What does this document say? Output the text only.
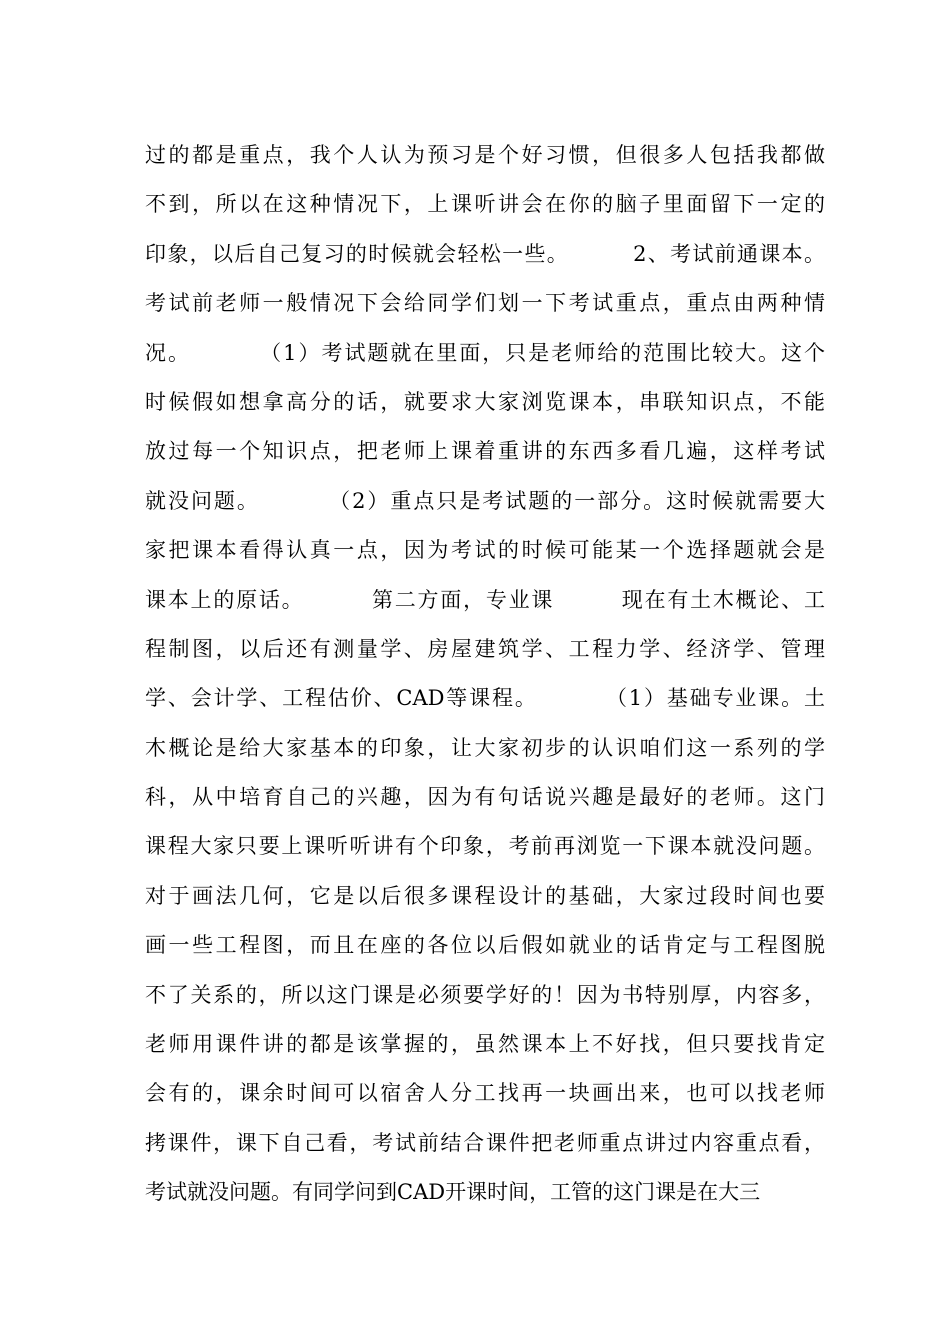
过的都是重点，我个人认为预习是个好习惯，但很多人包括我都做
不到，所以在这种情况下，上课听讲会在你的脑子里面留下一定的
印象，以后自己复习的时候就会轻松一些。        2、考试前通课本。
考试前老师一般情况下会给同学们划一下考试重点，重点由两种情
况。        （1）考试题就在里面，只是老师给的范围比较大。这个
时候假如想拿高分的话，就要求大家浏览课本，串联知识点，不能
放过每一个知识点，把老师上课着重讲的东西多看几遍，这样考试
就没问题。        （2）重点只是考试题的一部分。这时候就需要大
家把课本看得认真一点，因为考试的时候可能某一个选择题就会是
课本上的原话。        第二方面，专业课        现在有土木概论、工
程制图，以后还有测量学、房屋建筑学、工程力学、经济学、管理
学、会计学、工程估价、CAD等课程。        （1）基础专业课。土
木概论是给大家基本的印象，让大家初步的认识咱们这一系列的学
科，从中培育自己的兴趣，因为有句话说兴趣是最好的老师。这门
课程大家只要上课听听讲有个印象，考前再浏览一下课本就没问题。
对于画法几何，它是以后很多课程设计的基础，大家过段时间也要
画一些工程图，而且在座的各位以后假如就业的话肯定与工程图脱
不了关系的，所以这门课是必须要学好的！因为书特别厚，内容多，
老师用课件讲的都是该掌握的，虽然课本上不好找，但只要找肯定
会有的，课余时间可以宿舍人分工找再一块画出来，也可以找老师
拷课件，课下自己看，考试前结合课件把老师重点讲过内容重点看，
考试就没问题。有同学问到CAD开课时间，工管的这门课是在大三
